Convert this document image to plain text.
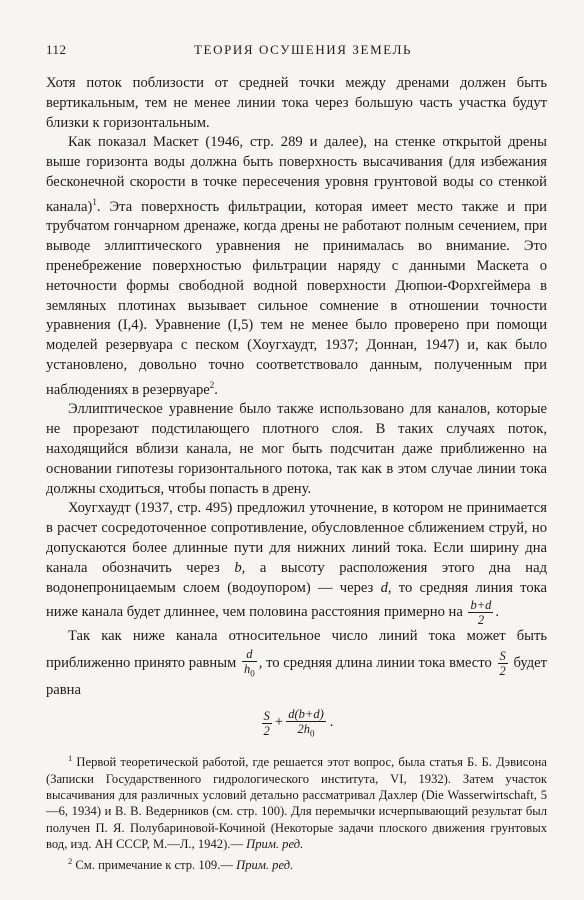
112	ТЕОРИЯ ОСУШЕНИЯ ЗЕМЕЛЬ

Хотя поток поблизости от средней точки между дренами должен быть вертикальным, тем не менее линии тока через большую часть участка будут близки к горизонтальным.

Как показал Маскет (1946, стр. 289 и далее), на стенке открытой дрены выше горизонта воды должна быть поверхность высачивания (для избежания бесконечной скорости в точке пересечения уровня грунтовой воды со стенкой канала)$^1$. Эта поверхность фильтрации, которая имеет место также и при трубчатом гончарном дренаже, когда дрены не работают полным сечением, при выводе эллиптического уравнения не принималась во внимание. Это пренебрежение поверхностью фильтрации наряду с данными Маскета о неточности формы свободной водной поверхности Дюпюи-Форхгеймера в земляных плотинах вызывает сильное сомнение в отношении точности уравнения (I,4). Уравнение (I,5) тем не менее было проверено при помощи моделей резервуара с песком (Хоугхаудт, 1937; Доннан, 1947) и, как было установлено, довольно точно соответствовало данным, полученным при наблюдениях в резервуаре$^2$.

Эллиптическое уравнение было также использовано для каналов, которые не прорезают подстилающего плотного слоя. В таких случаях поток, находящийся вблизи канала, не мог быть подсчитан даже приближенно на основании гипотезы горизонтального потока, так как в этом случае линии тока должны сходиться, чтобы попасть в дрену.

Хоугхаудт (1937, стр. 495) предложил уточнение, в котором не принимается в расчет сосредоточенное сопротивление, обусловленное сближением струй, но допускаются более длинные пути для нижних линий тока. Если ширину дна канала обозначить через b, а высоту расположения этого дна над водонепроницаемым слоем (водоупором) — через d, то средняя линия тока ниже канала будет длиннее, чем половина расстояния примерно на $\frac{b+d}{2}$ .

Так как ниже канала относительное число линий тока может быть приближенно принято равным $\frac{d}{h_0}$ , то средняя длина линии тока вместо $\frac{S}{2}$ будет равна

$\frac{S}{2} + \frac{d(b+d)}{2h_0}$ .

$^1$ Первой теоретической работой, где решается этот вопрос, была статья Б. Б. Дэвисона (Записки Государственного гидрологического института, VI, 1932). Затем участок высачивания для различных условий детально рассматривал Дахлер (Die Wasserwirtschaft, 5—6, 1934) и В. В. Ведерников (см. стр. 100). Для перемычки исчерпывающий результат был получен П. Я. Полубариновой-Кочиной (Некоторые задачи плоского движения грунтовых вод, изд. АН СССР, М.—Л., 1942).— Прим. ред.

$^2$ См. примечание к стр. 109.— Прим. ред.
